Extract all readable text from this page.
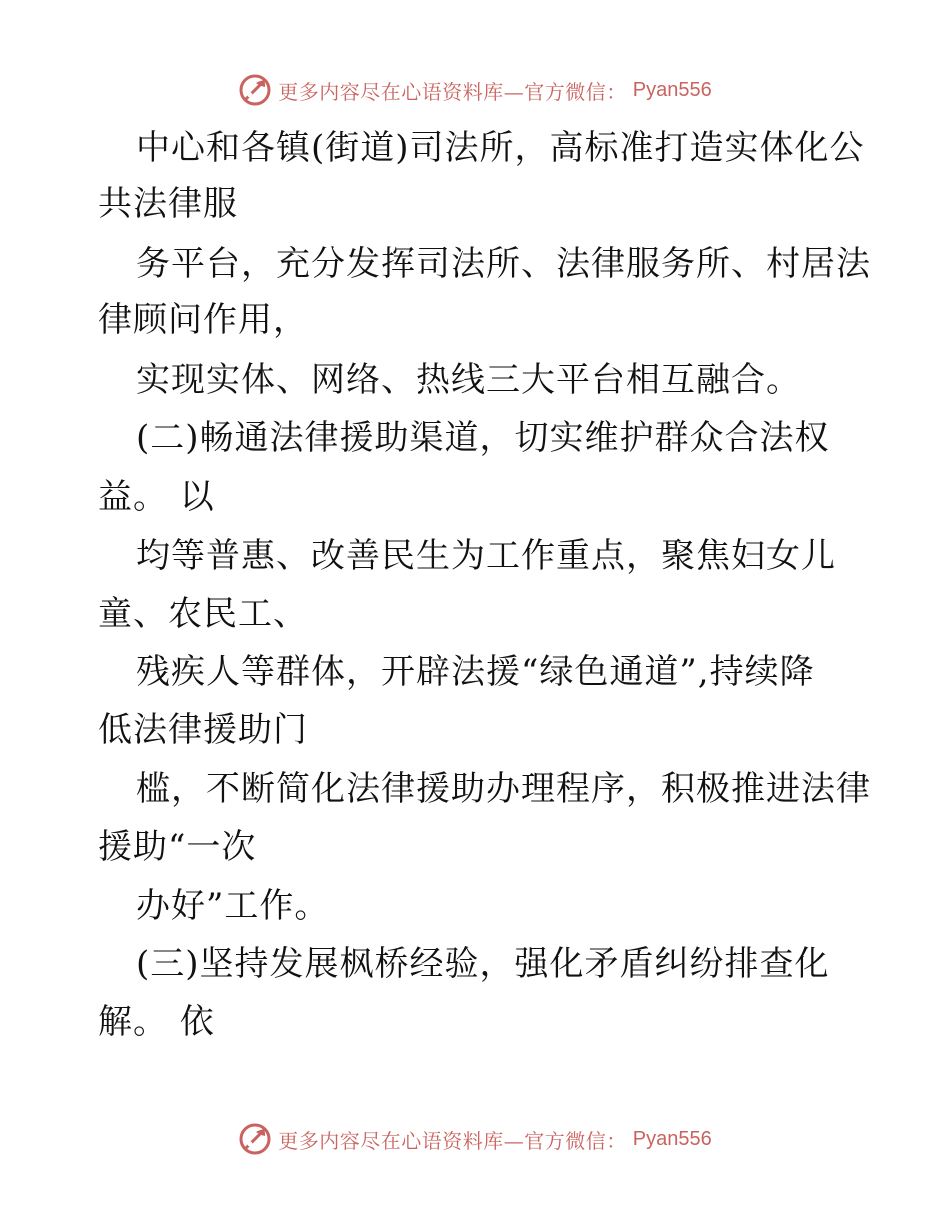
更多内容尽在心语资料库—官方微信： Pyan556
中心和各镇(街道)司法所，高标准打造实体化公
共法律服
务平台，充分发挥司法所、法律服务所、村居法
律顾问作用，
实现实体、网络、热线三大平台相互融合。
(二)畅通法律援助渠道，切实维护群众合法权
益。 以
均等普惠、改善民生为工作重点，聚焦妇女儿
童、农民工、
残疾人等群体，开辟法援“绿色通道”,持续降
低法律援助门
槛，不断简化法律援助办理程序，积极推进法律
援助“一次
办好”工作。
(三)坚持发展枫桥经验，强化矛盾纠纷排查化
解。 依
更多内容尽在心语资料库—官方微信： Pyan556
